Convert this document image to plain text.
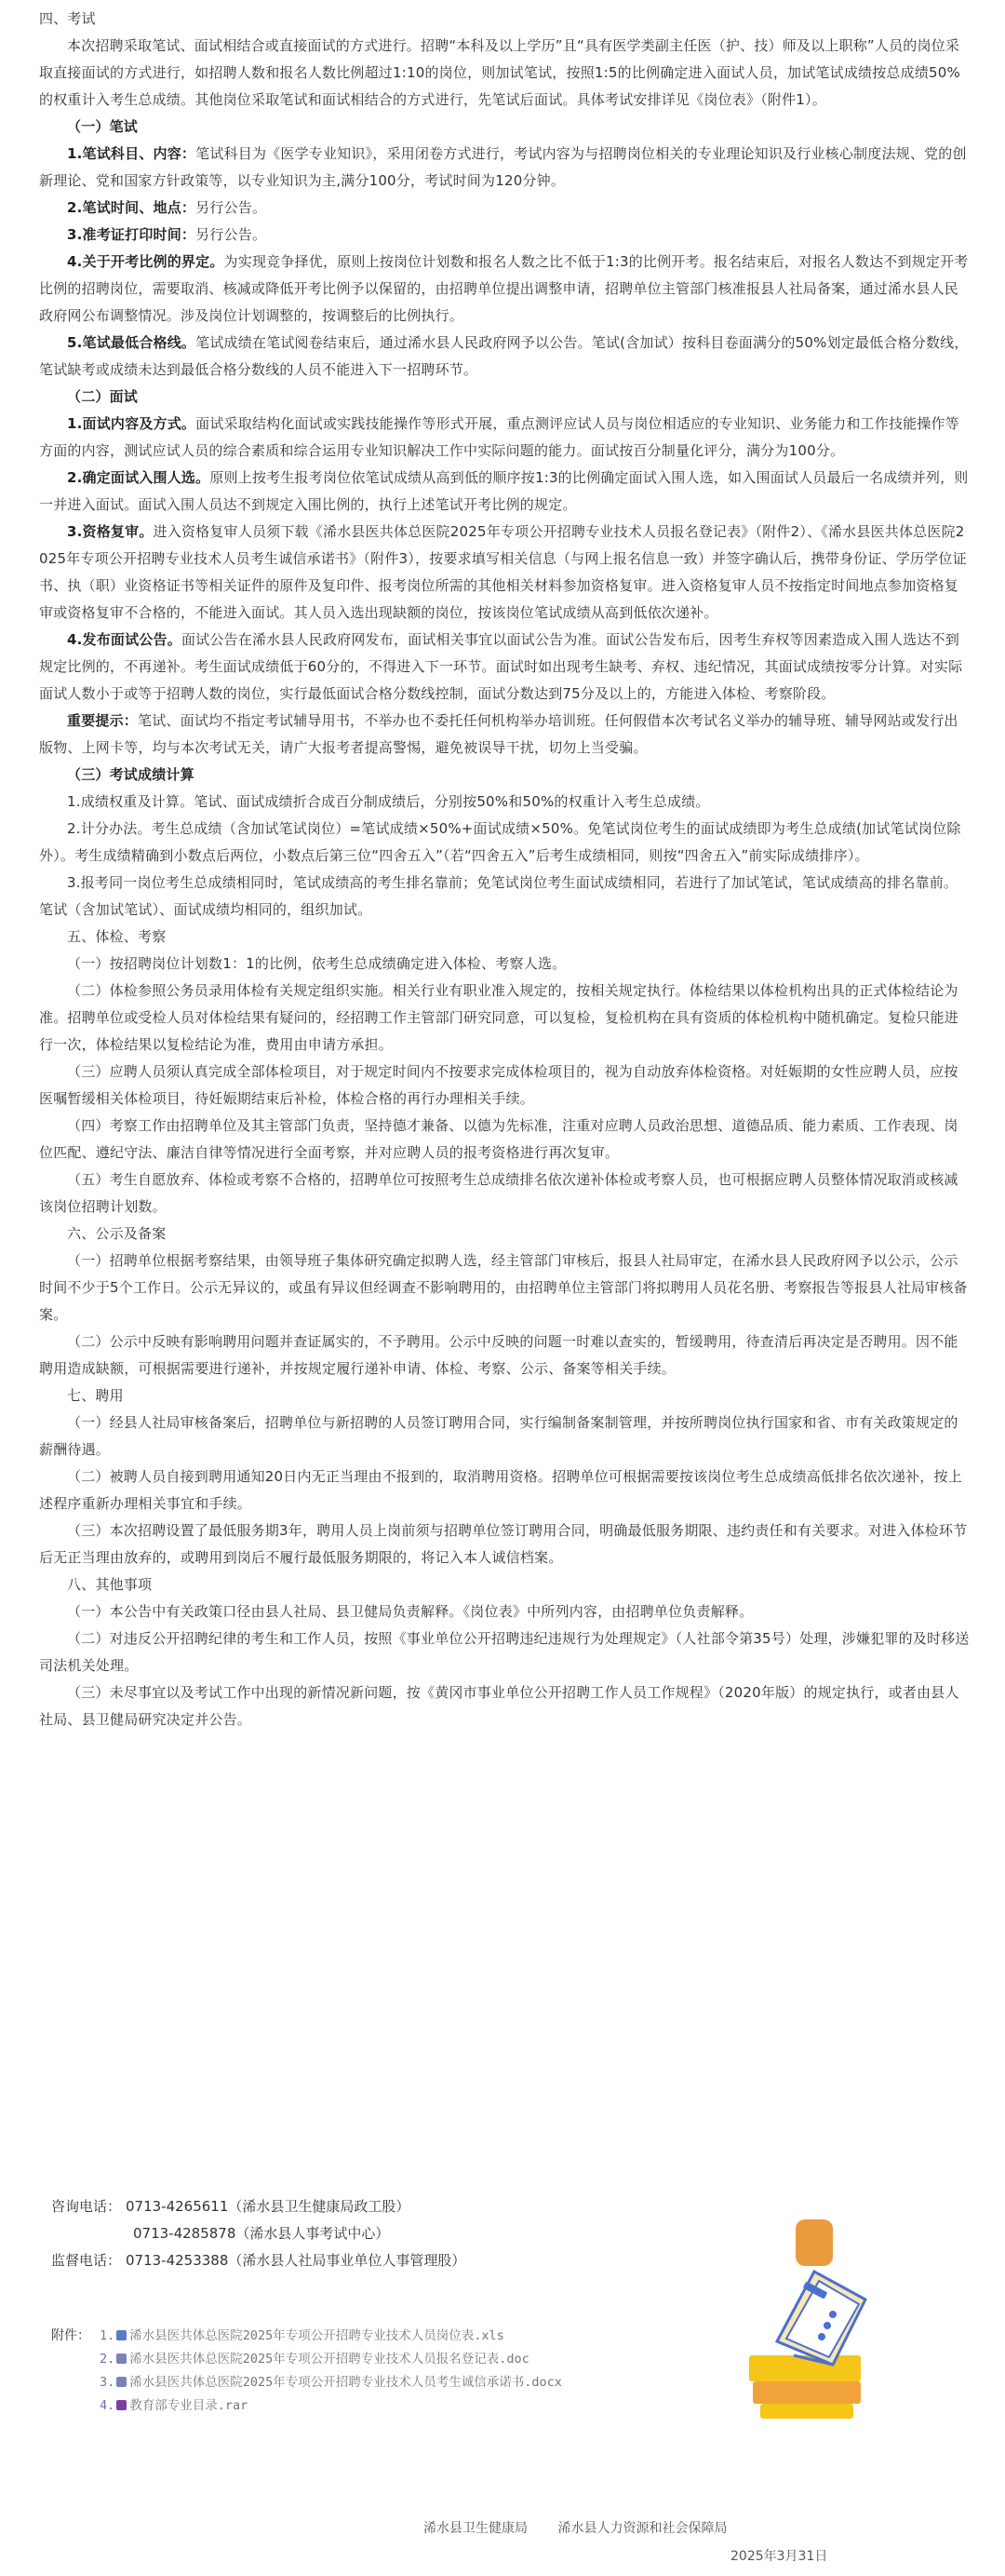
四、考试

本次招聘采取笔试、面试相结合或直接面试的方式进行。招聘“本科及以上学历”且“具有医学类副主任医（护、技）师及以上职称”人员的岗位采取直接面试的方式进行，如招聘人数和报名人数比例超过1:10的岗位，则加试笔试，按照1:5的比例确定进入面试人员，加试笔试成绩按总成绩50%的权重计入考生总成绩。其他岗位采取笔试和面试相结合的方式进行，先笔试后面试。具体考试安排详见《岗位表》（附件1）。

（一）笔试

1.笔试科目、内容：笔试科目为《医学专业知识》，采用闭卷方式进行，考试内容为与招聘岗位相关的专业理论知识及行业核心制度法规、党的创新理论、党和国家方针政策等，以专业知识为主,满分100分，考试时间为120分钟。

2.笔试时间、地点：另行公告。

3.准考证打印时间：另行公告。

4.关于开考比例的界定。为实现竞争择优，原则上按岗位计划数和报名人数之比不低于1:3的比例开考。报名结束后，对报名人数达不到规定开考比例的招聘岗位，需要取消、核减或降低开考比例予以保留的，由招聘单位提出调整申请，招聘单位主管部门核准报县人社局备案，通过浠水县人民政府网公布调整情况。涉及岗位计划调整的，按调整后的比例执行。

5.笔试最低合格线。笔试成绩在笔试阅卷结束后，通过浠水县人民政府网予以公告。笔试(含加试）按科目卷面满分的50%划定最低合格分数线，笔试缺考或成绩未达到最低合格分数线的人员不能进入下一招聘环节。

（二）面试

1.面试内容及方式。面试采取结构化面试或实践技能操作等形式开展，重点测评应试人员与岗位相适应的专业知识、业务能力和工作技能操作等方面的内容，测试应试人员的综合素质和综合运用专业知识解决工作中实际问题的能力。面试按百分制量化评分，满分为100分。

2.确定面试入围人选。原则上按考生报考岗位依笔试成绩从高到低的顺序按1:3的比例确定面试入围人选，如入围面试人员最后一名成绩并列，则一并进入面试。面试入围人员达不到规定入围比例的，执行上述笔试开考比例的规定。

3.资格复审。进入资格复审人员须下载《浠水县医共体总医院2025年专项公开招聘专业技术人员报名登记表》（附件2）、《浠水县医共体总医院2025年专项公开招聘专业技术人员考生诚信承诺书》（附件3），按要求填写相关信息（与网上报名信息一致）并签字确认后，携带身份证、学历学位证书、执（职）业资格证书等相关证件的原件及复印件、报考岗位所需的其他相关材料参加资格复审。进入资格复审人员不按指定时间地点参加资格复审或资格复审不合格的，不能进入面试。其人员入选出现缺额的岗位，按该岗位笔试成绩从高到低依次递补。

4.发布面试公告。面试公告在浠水县人民政府网发布，面试相关事宜以面试公告为准。面试公告发布后，因考生弃权等因素造成入围人选达不到规定比例的，不再递补。考生面试成绩低于60分的，不得进入下一环节。面试时如出现考生缺考、弃权、违纪情况，其面试成绩按零分计算。对实际面试人数小于或等于招聘人数的岗位，实行最低面试合格分数线控制，面试分数达到75分及以上的，方能进入体检、考察阶段。

重要提示：笔试、面试均不指定考试辅导用书，不举办也不委托任何机构举办培训班。任何假借本次考试名义举办的辅导班、辅导网站或发行出版物、上网卡等，均与本次考试无关，请广大报考者提高警惕，避免被误导干扰，切勿上当受骗。

（三）考试成绩计算

1.成绩权重及计算。笔试、面试成绩折合成百分制成绩后，分别按50%和50%的权重计入考生总成绩。

2.计分办法。考生总成绩（含加试笔试岗位）=笔试成绩×50%+面试成绩×50%。免笔试岗位考生的面试成绩即为考生总成绩(加试笔试岗位除外）。考生成绩精确到小数点后两位，小数点后第三位“四舍五入”（若“四舍五入”后考生成绩相同，则按“四舍五入”前实际成绩排序）。

3.报考同一岗位考生总成绩相同时，笔试成绩高的考生排名靠前；免笔试岗位考生面试成绩相同，若进行了加试笔试，笔试成绩高的排名靠前。笔试（含加试笔试）、面试成绩均相同的，组织加试。

五、体检、考察

（一）按招聘岗位计划数1：1的比例，依考生总成绩确定进入体检、考察人选。

（二）体检参照公务员录用体检有关规定组织实施。相关行业有职业准入规定的，按相关规定执行。体检结果以体检机构出具的正式体检结论为准。招聘单位或受检人员对体检结果有疑问的，经招聘工作主管部门研究同意，可以复检，复检机构在具有资质的体检机构中随机确定。复检只能进行一次，体检结果以复检结论为准，费用由申请方承担。

（三）应聘人员须认真完成全部体检项目，对于规定时间内不按要求完成体检项目的，视为自动放弃体检资格。对妊娠期的女性应聘人员，应按医嘱暂缓相关体检项目，待妊娠期结束后补检，体检合格的再行办理相关手续。

（四）考察工作由招聘单位及其主管部门负责，坚持德才兼备、以德为先标准，注重对应聘人员政治思想、道德品质、能力素质、工作表现、岗位匹配、遵纪守法、廉洁自律等情况进行全面考察，并对应聘人员的报考资格进行再次复审。

（五）考生自愿放弃、体检或考察不合格的，招聘单位可按照考生总成绩排名依次递补体检或考察人员，也可根据应聘人员整体情况取消或核减该岗位招聘计划数。

六、公示及备案

（一）招聘单位根据考察结果，由领导班子集体研究确定拟聘人选，经主管部门审核后，报县人社局审定，在浠水县人民政府网予以公示，公示时间不少于5个工作日。公示无异议的，或虽有异议但经调查不影响聘用的，由招聘单位主管部门将拟聘用人员花名册、考察报告等报县人社局审核备案。

（二）公示中反映有影响聘用问题并查证属实的，不予聘用。公示中反映的问题一时难以查实的，暂缓聘用，待查清后再决定是否聘用。因不能聘用造成缺额，可根据需要进行递补，并按规定履行递补申请、体检、考察、公示、备案等相关手续。

七、聘用

（一）经县人社局审核备案后，招聘单位与新招聘的人员签订聘用合同，实行编制备案制管理，并按所聘岗位执行国家和省、市有关政策规定的薪酬待遇。

（二）被聘人员自接到聘用通知20日内无正当理由不报到的，取消聘用资格。招聘单位可根据需要按该岗位考生总成绩高低排名依次递补，按上述程序重新办理相关事宜和手续。

（三）本次招聘设置了最低服务期3年，聘用人员上岗前须与招聘单位签订聘用合同，明确最低服务期限、违约责任和有关要求。对进入体检环节后无正当理由放弃的，或聘用到岗后不履行最低服务期限的，将记入本人诚信档案。

八、其他事项

（一）本公告中有关政策口径由县人社局、县卫健局负责解释。《岗位表》中所列内容，由招聘单位负责解释。

（二）对违反公开招聘纪律的考生和工作人员，按照《事业单位公开招聘违纪违规行为处理规定》（人社部令第35号）处理，涉嫌犯罪的及时移送司法机关处理。

（三）未尽事宜以及考试工作中出现的新情况新问题，按《黄冈市事业单位公开招聘工作人员工作规程》（2020年版）的规定执行，或者由县人社局、县卫健局研究决定并公告。

咨询电话： 0713-4265611（浠水县卫生健康局政工股）
0713-4285878（浠水县人事考试中心）
监督电话： 0713-4253388（浠水县人社局事业单位人事管理股）
附件： 1. 浠水县医共体总医院2025年专项公开招聘专业技术人员岗位表.xls
2. 浠水县医共体总医院2025年专项公开招聘专业技术人员报名登记表.doc
3. 浠水县医共体总医院2025年专项公开招聘专业技术人员考生诚信承诺书.docx
4. 教育部专业目录.rar
浠水县卫生健康局 浠水县人力资源和社会保障局
2025年3月31日
